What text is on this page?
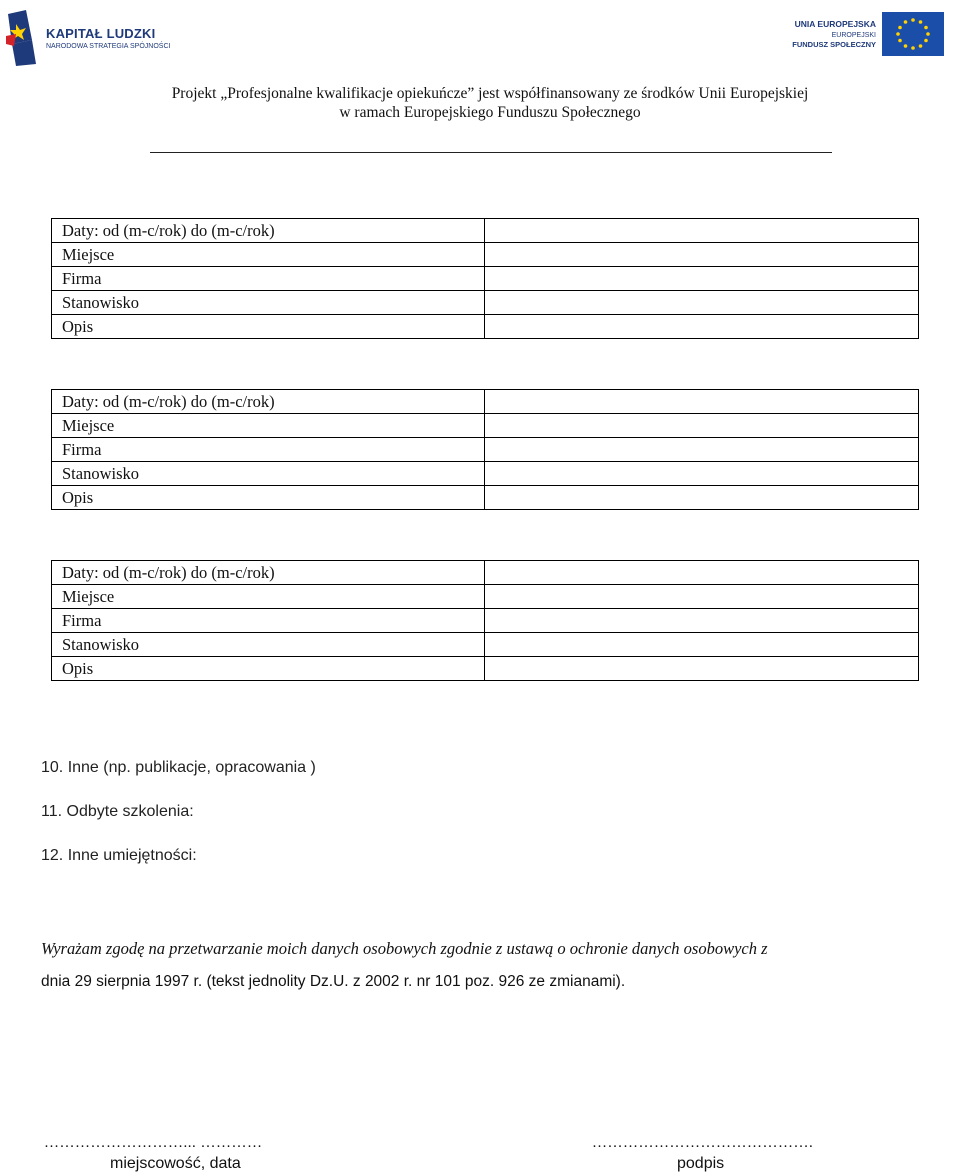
KAPITAŁ LUDZKI
NARODOWA STRATEGIA SPÓJNOŚCI
UNIA EUROPEJSKA
EUROPEJSKI
FUNDUSZ SPOŁECZNY
Projekt „Profesjonalne kwalifikacje opiekuńcze” jest współfinansowany ze środków Unii Europejskiej
w ramach Europejskiego Funduszu Społecznego
Daty: od (m-c/rok) do (m-c/rok)
Miejsce
Firma
Stanowisko
Opis
Daty: od (m-c/rok) do (m-c/rok)
Miejsce
Firma
Stanowisko
Opis
Daty: od (m-c/rok) do (m-c/rok)
Miejsce
Firma
Stanowisko
Opis
10. Inne (np. publikacje, opracowania )
11. Odbyte szkolenia:
12. Inne umiejętności:
Wyrażam zgodę na przetwarzanie moich danych osobowych zgodnie z ustawą o ochronie danych osobowych z
dnia 29 sierpnia 1997 r. (tekst jednolity Dz.U. z 2002 r. nr 101 poz. 926 ze zmianami).
………………………... …………
miejscowość, data
…………………………………….
podpis
